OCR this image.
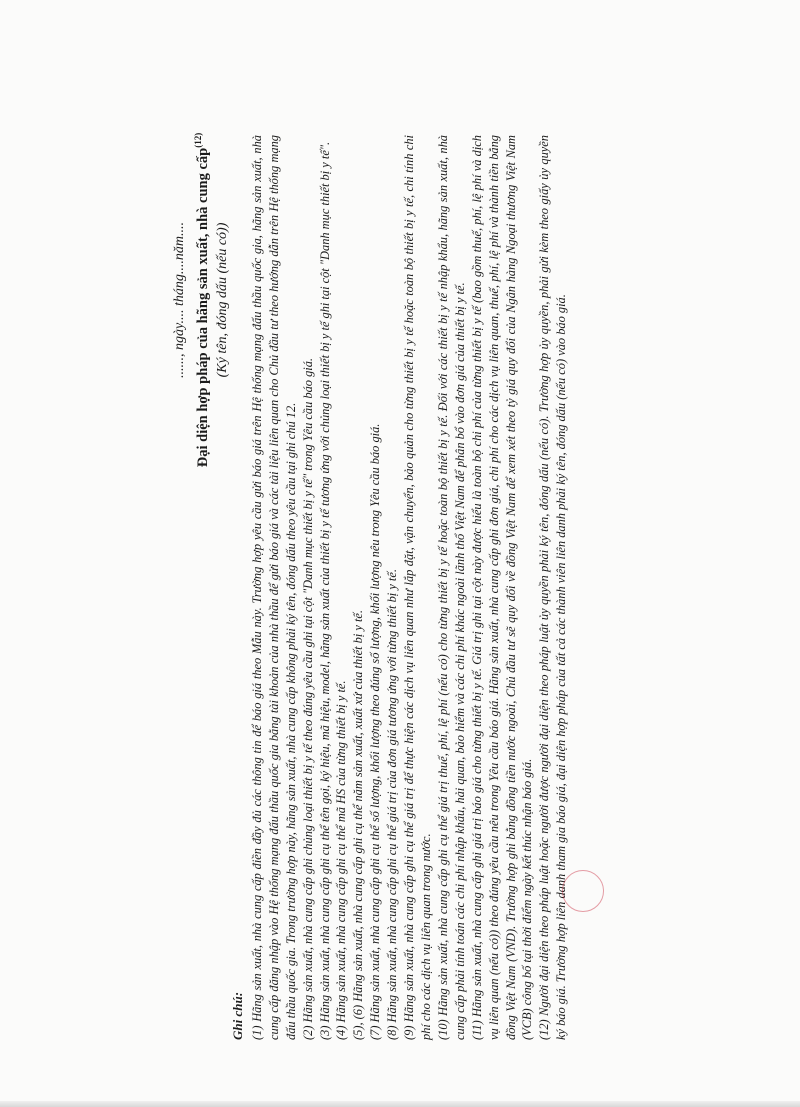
......, ngày.... tháng....năm.... Đại diện hợp pháp của hãng sản xuất, nhà cung cấp$^{(12)}$
(Ký tên, đóng dấu (nếu có))
Ghi chú: (1) Hãng sản xuất, nhà cung cấp điền đầy đủ các thông tin để báo giá theo Mẫu này. Trường hợp yêu cầu gửi báo giá trên Hệ thống mạng đấu thầu quốc gia, hãng sản xuất, nhà cung cấp đăng nhập vào Hệ thống mạng đấu thầu quốc gia bằng tài khoản của nhà thầu để gửi báo giá và các tài liệu liên quan cho Chủ đầu tư theo hướng dẫn trên Hệ thống mạng đấu thầu quốc gia. Trong trường hợp này, hãng sản xuất, nhà cung cấp không phải ký tên, đóng dấu theo yêu cầu tại ghi chú 12. (2) Hãng sản xuất, nhà cung cấp ghi chủng loại thiết bị y tế theo đúng yêu cầu ghi tại cột "Danh mục thiết bị y tế" trong Yêu cầu báo giá. (3) Hãng sản xuất, nhà cung cấp ghi cụ thể tên gọi, ký hiệu, mã hiệu, model, hãng sản xuất của thiết bị y tế tương ứng với chủng loại thiết bị y tế ghi tại cột "Danh mục thiết bị y tế". (4) Hãng sản xuất, nhà cung cấp ghi cụ thể mã HS của từng thiết bị y tế. (5), (6) Hãng sản xuất, nhà cung cấp ghi cụ thể năm sản xuất, xuất xứ của thiết bị y tế. (7) Hãng sản xuất, nhà cung cấp ghi cụ thể số lượng, khối lượng theo đúng số lượng, khối lượng nêu trong Yêu cầu báo giá. (8) Hãng sản xuất, nhà cung cấp ghi cụ thể giá trị của đơn giá tương ứng với từng thiết bị y tế. (9) Hãng sản xuất, nhà cung cấp ghi cụ thể giá trị để thực hiện các dịch vụ liên quan như lắp đặt, vận chuyển, bảo quản cho từng thiết bị y tế hoặc toàn bộ thiết bị y tế, chi tính chi phí cho các dịch vụ liên quan trong nước. (10) Hãng sản xuất, nhà cung cấp ghi cụ thể giá trị thuế, phí, lệ phí (nếu có) cho từng thiết bị y tế hoặc toàn bộ thiết bị y tế. Đối với các thiết bị y tế nhập khẩu, hãng sản xuất, nhà cung cấp phải tính toán các chi phí nhập khẩu, hải quan, bảo hiểm và các chi phí khác ngoài lãnh thổ Việt Nam để phân bổ vào đơn giá của thiết bị y tế. (11) Hãng sản xuất, nhà cung cấp ghi giá trị báo giá cho từng thiết bị y tế. Giá trị ghi tại cột này được hiểu là toàn bộ chi phí của từng thiết bị y tế (bao gồm thuế, phí, lệ phí và dịch vụ liên quan (nếu có)) theo đúng yêu cầu nêu trong Yêu cầu báo giá. Hãng sản xuất, nhà cung cấp ghi đơn giá, chi phí cho các dịch vụ liên quan, thuế, phí, lệ phí và thành tiền bằng đồng Việt Nam (VND). Trường hợp ghi bằng đồng tiền nước ngoài, Chủ đầu tư sẽ quy đổi về đồng Việt Nam để xem xét theo tỷ giá quy đổi của Ngân hàng Ngoại thương Việt Nam (VCB) công bố tại thời điểm ngày kết thúc nhận báo giá. (12) Người đại diện theo pháp luật hoặc người được người đại diện theo pháp luật ủy quyền phải ký tên, đóng dấu (nếu có). Trường hợp ủy quyền, phải gửi kèm theo giấy ủy quyền ký báo giá. Trường hợp liên danh tham gia báo giá, đại diện hợp pháp của tất cả các thành viên liên danh phải ký tên, đóng dấu (nếu có) vào báo giá.
